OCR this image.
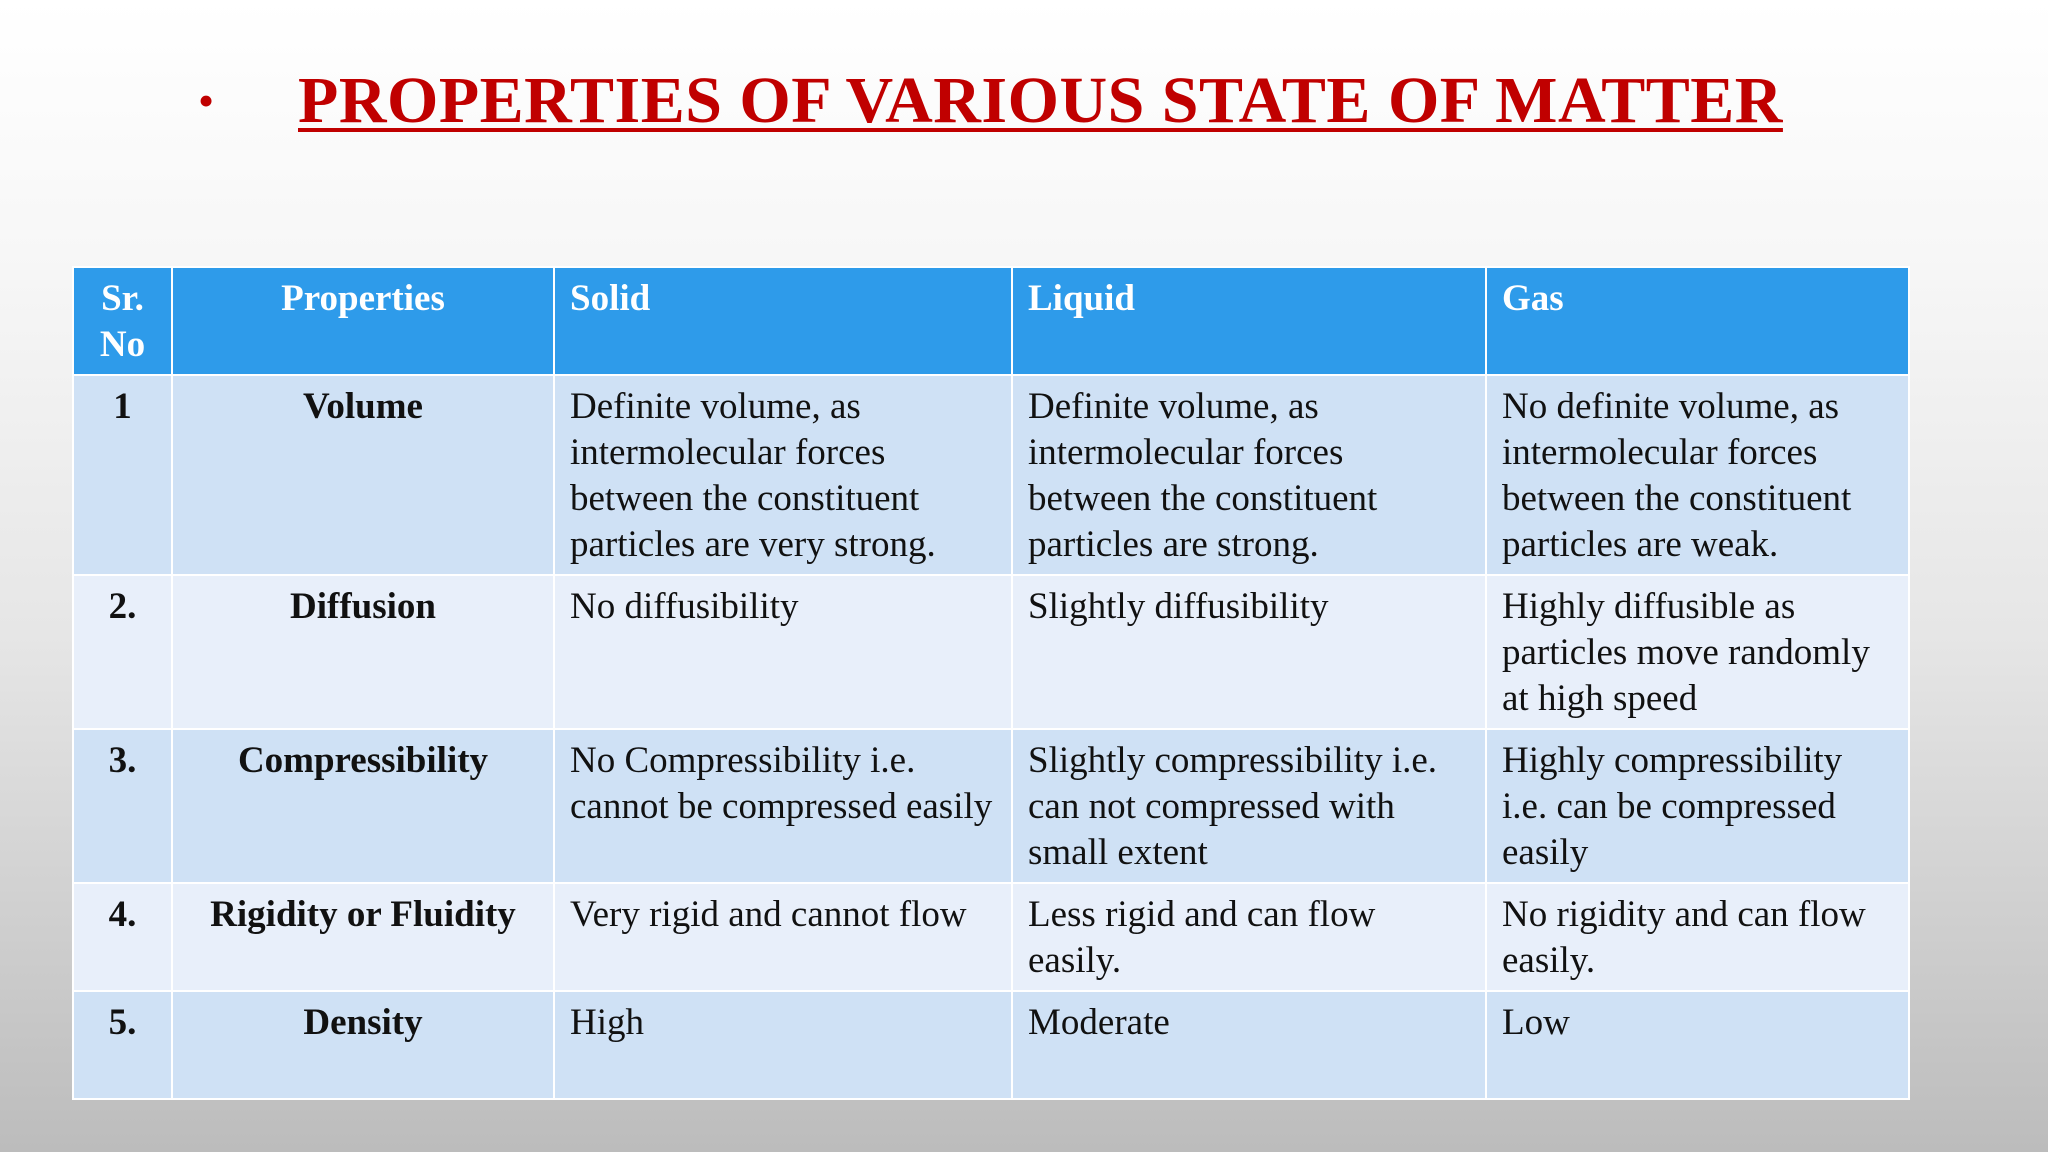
•	PROPERTIES OF VARIOUS STATE OF MATTER
Sr. No	Properties	Solid	Liquid	Gas
1	Volume	Definite volume, as intermolecular forces between the constituent particles are very strong.	Definite volume, as intermolecular forces between the constituent particles are strong.	No definite volume, as intermolecular forces between the constituent particles are weak.
2.	Diffusion	No diffusibility	Slightly diffusibility	Highly diffusible as particles move randomly at high speed
3.	Compressibility	No Compressibility i.e. cannot be compressed easily	Slightly compressibility i.e. can not compressed with small extent	Highly compressibility i.e. can be compressed easily
4.	Rigidity or Fluidity	Very rigid and cannot flow	Less rigid and can flow easily.	No rigidity and can flow easily.
5.	Density	High	Moderate	Low
